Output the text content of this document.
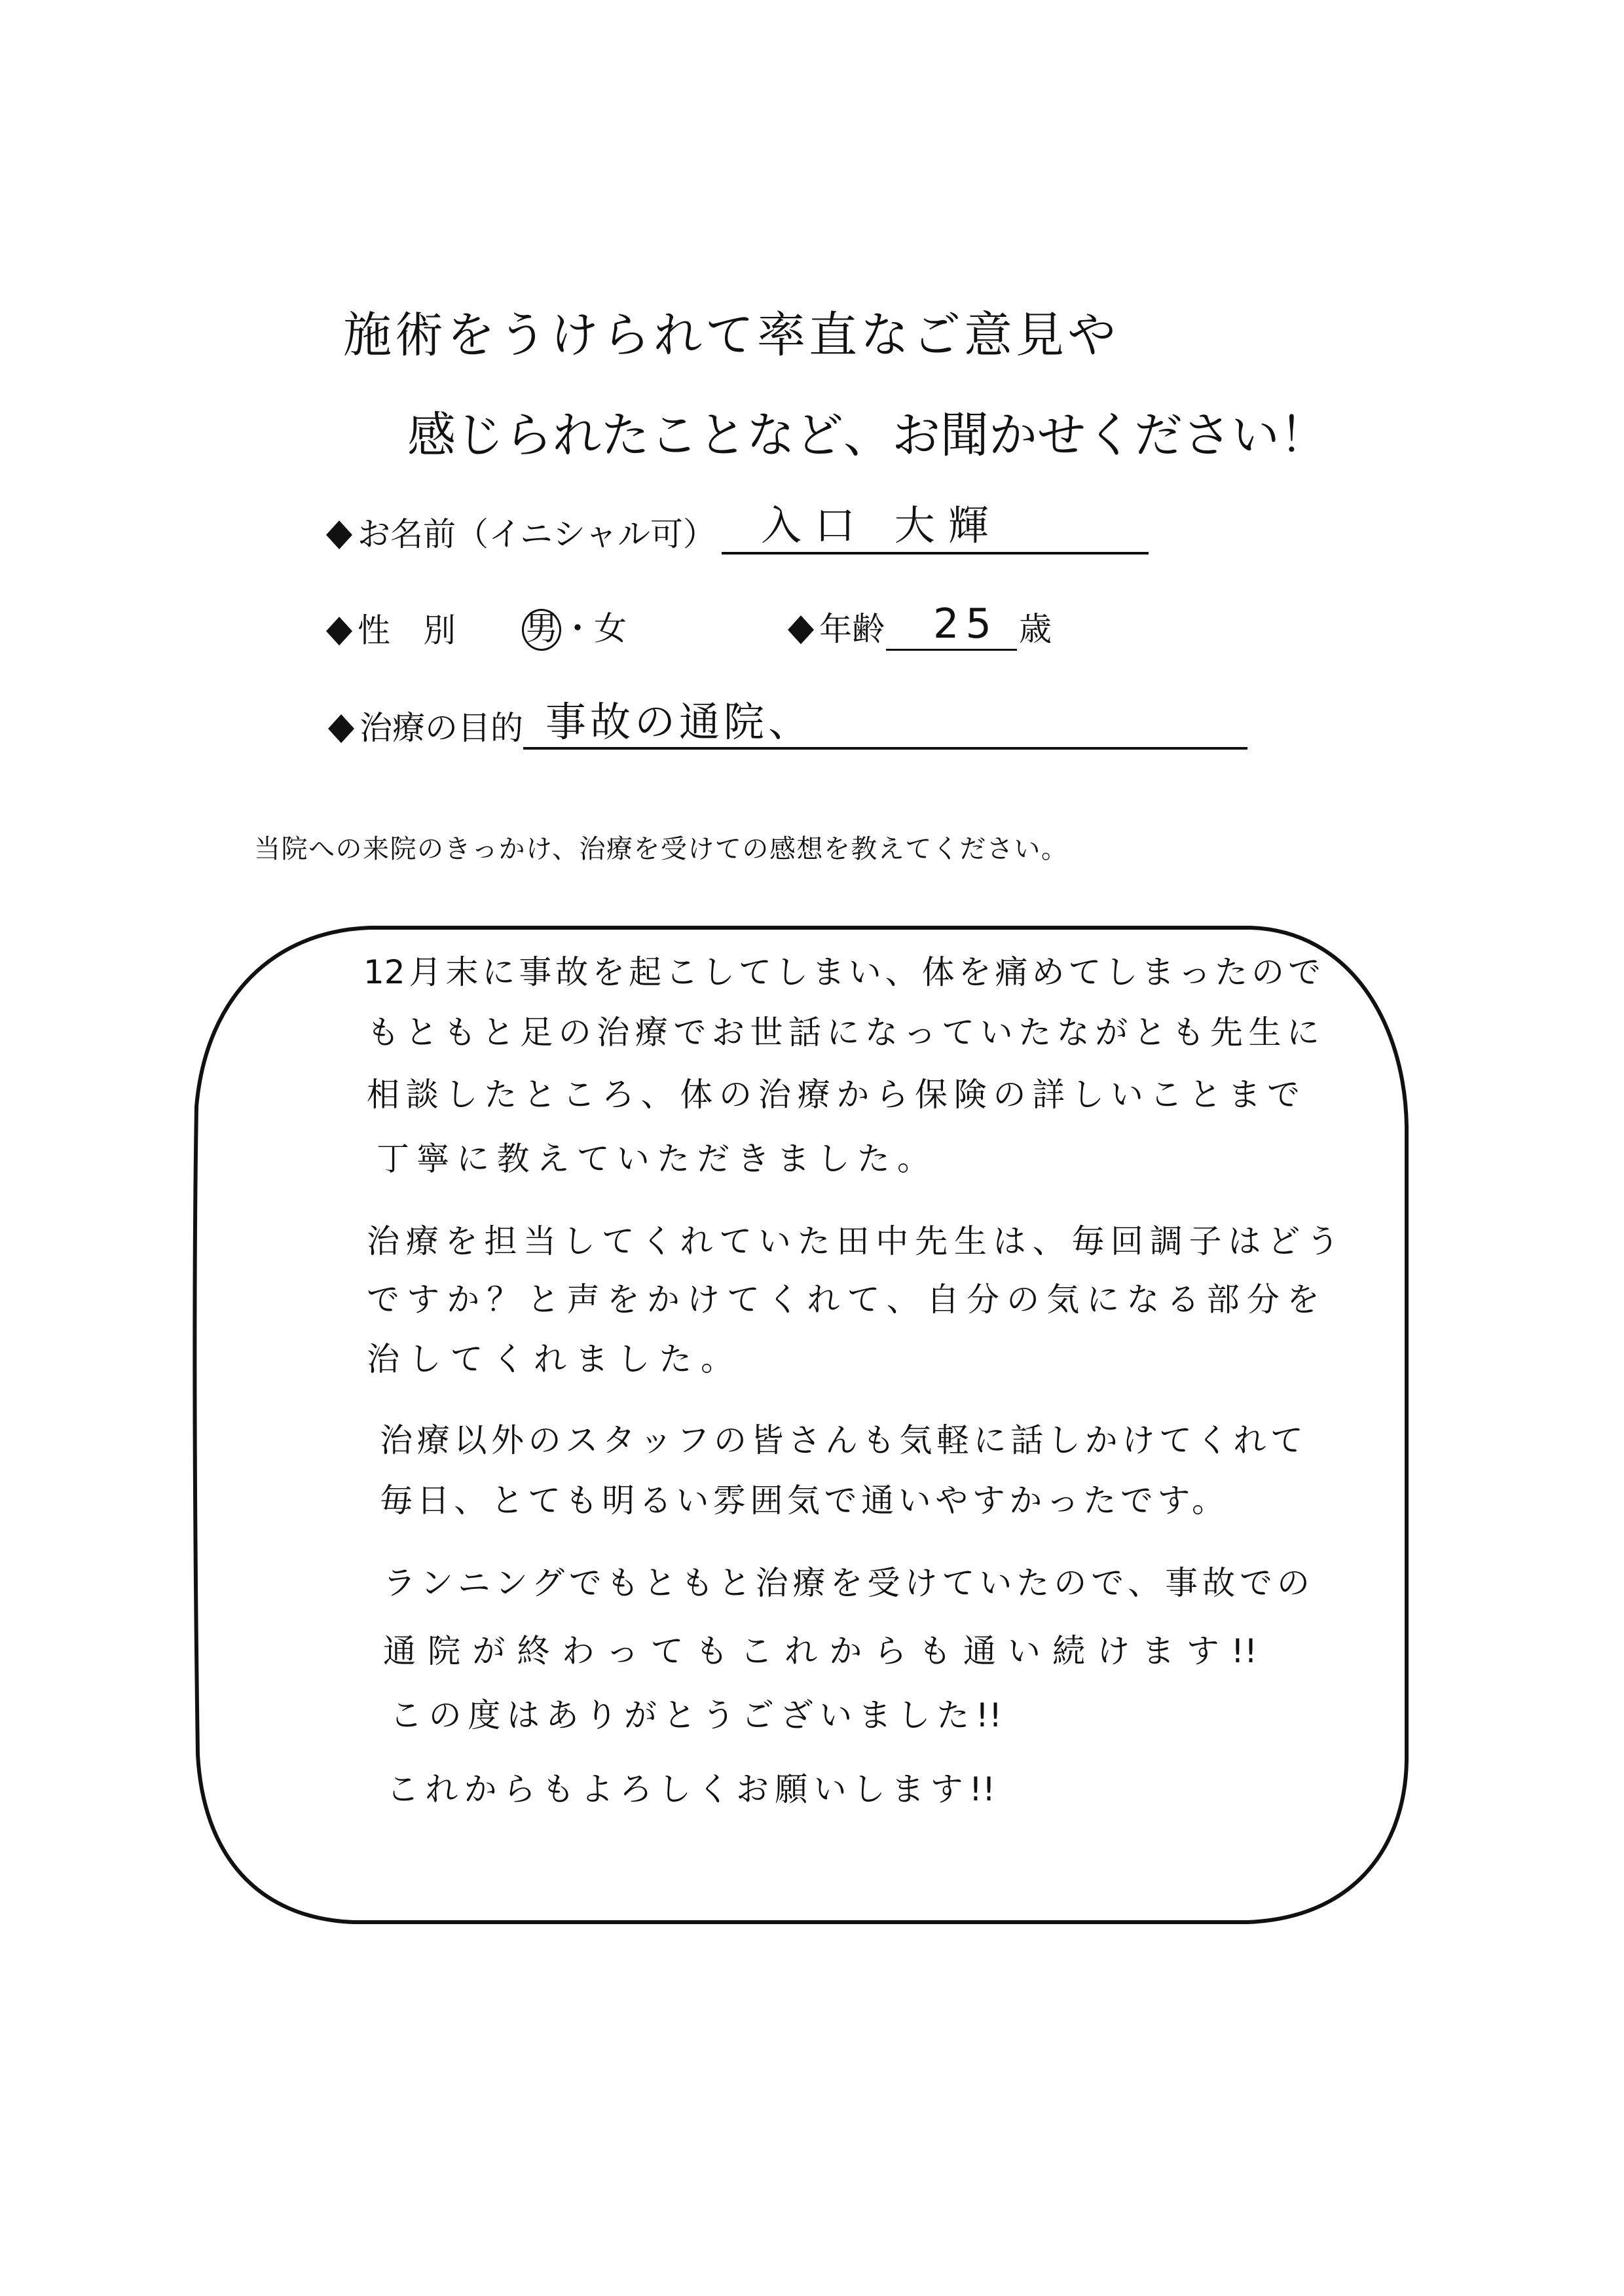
施術をうけられて率直なご意見や
感じられたことなど、お聞かせください！
お名前（イニシャル可） 入口 大輝
性 別 男 ・女	年齢 25 歳
治療の目的 事故の通院、
当院への来院のきっかけ、治療を受けての感想を教えてください。
12月末に事故を起こしてしまい、体を痛めてしまったので
もともと足の治療でお世話になっていたながとも先生に
相談したところ、体の治療から保険の詳しいことまで
丁寧に教えていただきました。
治療を担当してくれていた田中先生は、毎回調子はどう
ですか？と声をかけてくれて、自分の気になる部分を
治してくれました。
治療以外のスタッフの皆さんも気軽に話しかけてくれて
毎日、とても明るい雰囲気で通いやすかったです。
ランニングでもともと治療を受けていたので、事故での
通院が終わってもこれからも通い続けます!!
この度はありがとうございました!!
これからもよろしくお願いします!!
